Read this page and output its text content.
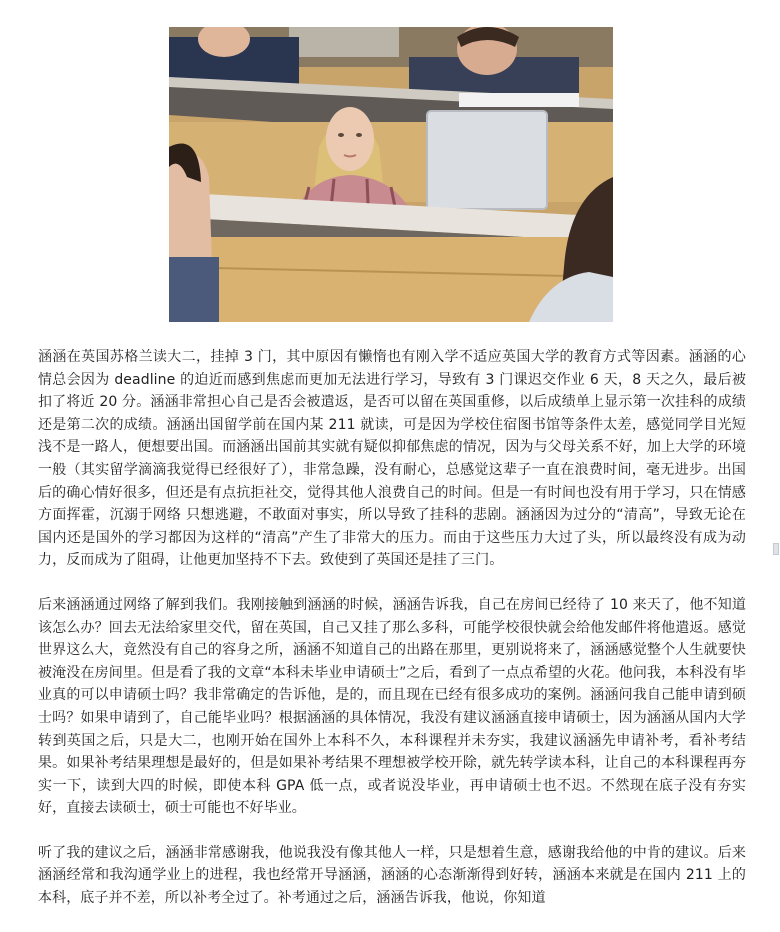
涵涵在英国苏格兰读大二，挂掉 3 门，其中原因有懒惰也有刚入学不适应英国大学的教育方式等因素。涵涵的心情总会因为 deadline 的迫近而感到焦虑而更加无法进行学习，导致有 3 门课迟交作业 6 天，8 天之久，最后被扣了将近 20 分。涵涵非常担心自己是否会被遣返，是否可以留在英国重修，以后成绩单上显示第一次挂科的成绩还是第二次的成绩。涵涵出国留学前在国内某 211 就读，可是因为学校住宿图书馆等条件太差，感觉同学目光短浅不是一路人，便想要出国。而涵涵出国前其实就有疑似抑郁焦虑的情况，因为与父母关系不好，加上大学的环境一般（其实留学滴滴我觉得已经很好了），非常急躁，没有耐心，总感觉这辈子一直在浪费时间，毫无进步。出国后的确心情好很多，但还是有点抗拒社交，觉得其他人浪费自己的时间。但是一有时间也没有用于学习，只在情感方面挥霍，沉溺于网络 只想逃避，不敢面对事实，所以导致了挂科的悲剧。涵涵因为过分的“清高”，导致无论在国内还是国外的学习都因为这样的“清高”产生了非常大的压力。而由于这些压力大过了头，所以最终没有成为动力，反而成为了阻碍，让他更加坚持不下去。致使到了英国还是挂了三门。

后来涵涵通过网络了解到我们。我刚接触到涵涵的时候，涵涵告诉我，自己在房间已经待了 10 来天了，他不知道该怎么办？回去无法给家里交代，留在英国，自己又挂了那么多科，可能学校很快就会给他发邮件将他遣返。感觉世界这么大，竟然没有自己的容身之所，涵涵不知道自己的出路在那里，更别说将来了，涵涵感觉整个人生就要快被淹没在房间里。但是看了我的文章“本科未毕业申请硕士”之后，看到了一点点希望的火花。他问我，本科没有毕业真的可以申请硕士吗？我非常确定的告诉他，是的，而且现在已经有很多成功的案例。涵涵问我自己能申请到硕士吗？如果申请到了，自己能毕业吗？根据涵涵的具体情况，我没有建议涵涵直接申请硕士，因为涵涵从国内大学转到英国之后，只是大二，也刚开始在国外上本科不久，本科课程并未夯实，我建议涵涵先申请补考，看补考结果。如果补考结果理想是最好的，但是如果补考结果不理想被学校开除，就先转学读本科，让自己的本科课程再夯实一下，读到大四的时候，即使本科 GPA 低一点，或者说没毕业，再申请硕士也不迟。不然现在底子没有夯实好，直接去读硕士，硕士可能也不好毕业。

听了我的建议之后，涵涵非常感谢我，他说我没有像其他人一样，只是想着生意，感谢我给他的中肯的建议。后来涵涵经常和我沟通学业上的进程，我也经常开导涵涵，涵涵的心态渐渐得到好转，涵涵本来就是在国内 211 上的本科，底子并不差，所以补考全过了。补考通过之后，涵涵告诉我，他说，你知道
